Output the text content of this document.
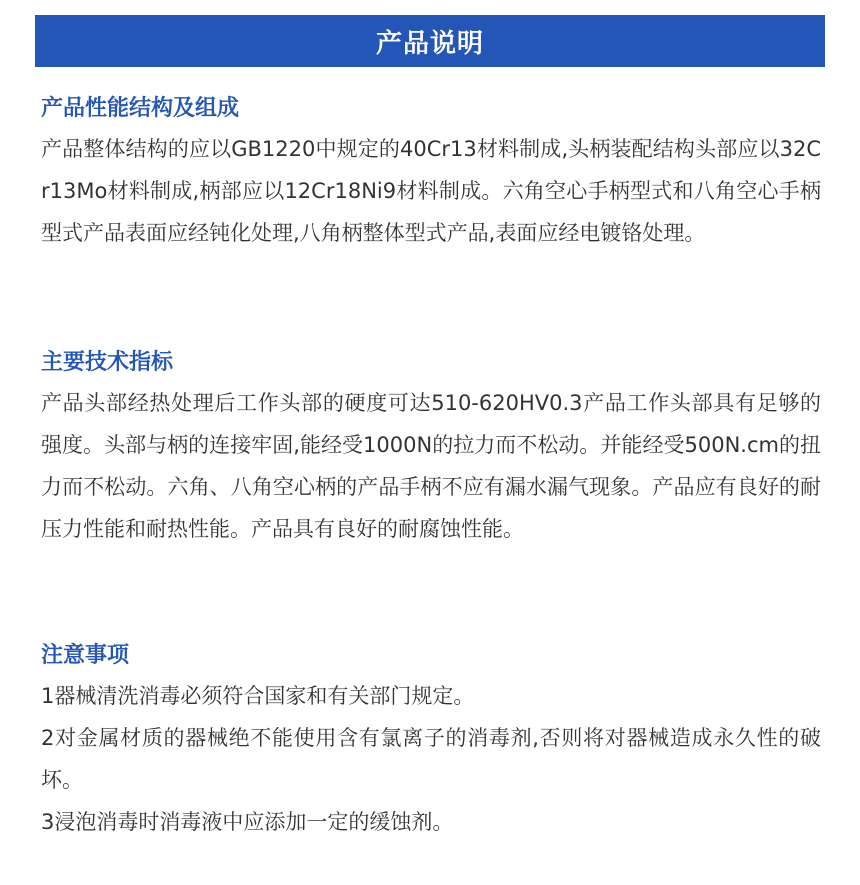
产品说明
产品性能结构及组成

产品整体结构的应以GB1220中规定的40Cr13材料制成,头柄装配结构头部应以32Cr13Mo材料制成,柄部应以12Cr18Ni9材料制成。六角空心手柄型式和八角空心手柄型式产品表面应经钝化处理,八角柄整体型式产品,表面应经电镀铬处理。

主要技术指标

产品头部经热处理后工作头部的硬度可达510-620HV0.3产品工作头部具有足够的强度。头部与柄的连接牢固,能经受1000N的拉力而不松动。并能经受500N.cm的扭力而不松动。六角、八角空心柄的产品手柄不应有漏水漏气现象。产品应有良好的耐压力性能和耐热性能。产品具有良好的耐腐蚀性能。

注意事项

1器械清洗消毒必须符合国家和有关部门规定。

2对金属材质的器械绝不能使用含有氯离子的消毒剂,否则将对器械造成永久性的破坏。

3浸泡消毒时消毒液中应添加一定的缓蚀剂。
